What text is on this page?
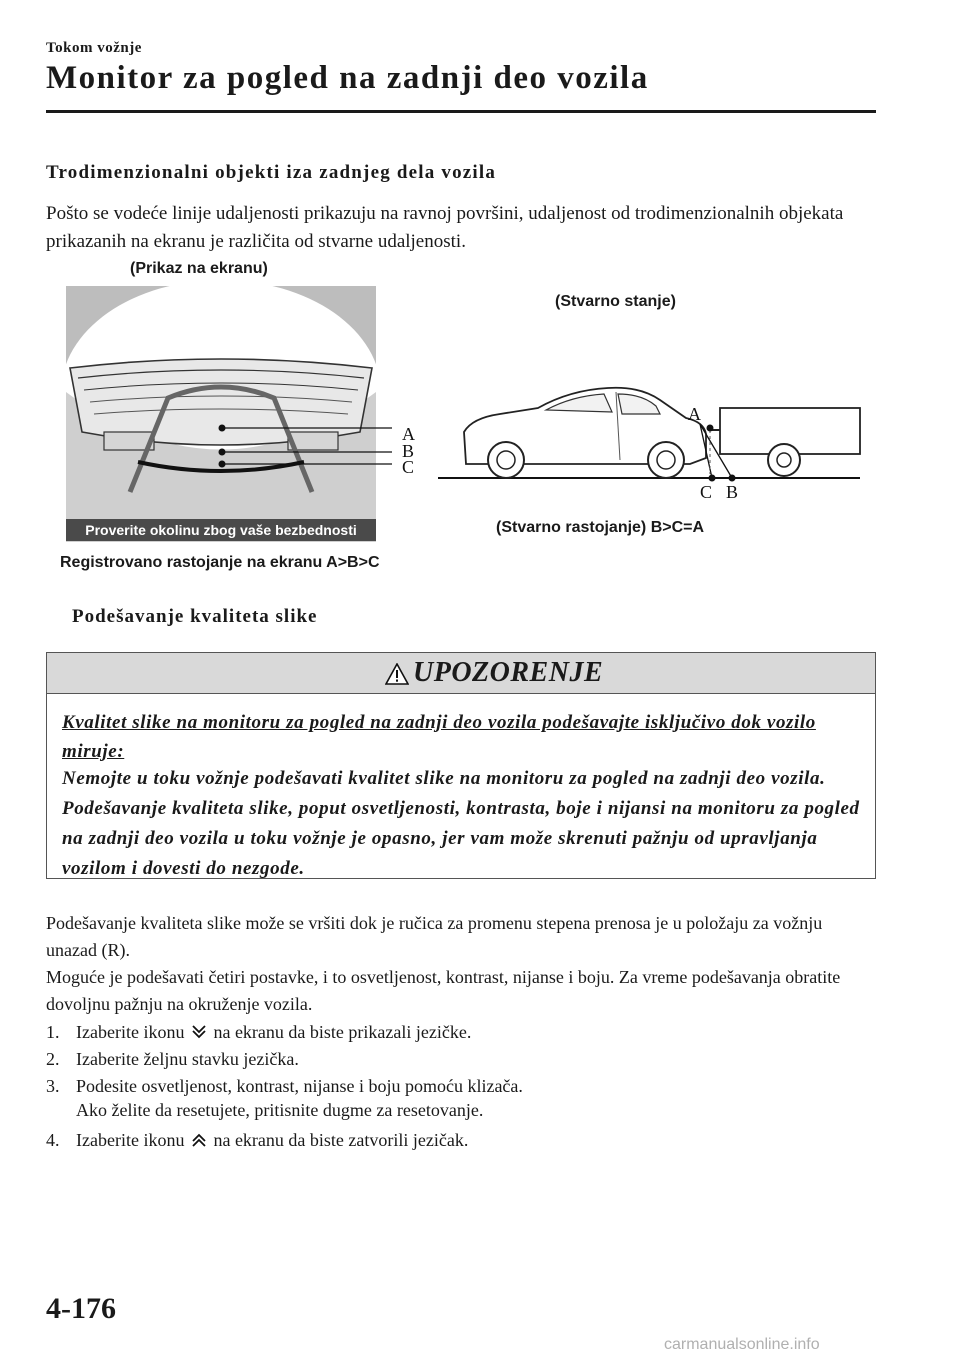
Tokom vožnje
Monitor za pogled na zadnji deo vozila
Trodimenzionalni objekti iza zadnjeg dela vozila
Pošto se vodeće linije udaljenosti prikazuju na ravnoj površini, udaljenost od trodimenzionalnih objekata prikazanih na ekranu je različita od stvarne udaljenosti.
(Prikaz na ekranu)
(Stvarno stanje)
A
B
C
Proverite okolinu zbog vaše bezbednosti
A
C B
(Stvarno rastojanje) B>C=A
Registrovano rastojanje na ekranu A>B>C
Podešavanje kvaliteta slike
UPOZORENJE
Kvalitet slike na monitoru za pogled na zadnji deo vozila podešavajte isključivo dok vozilo miruje:
Nemojte u toku vožnje podešavati kvalitet slike na monitoru za pogled na zadnji deo vozila. Podešavanje kvaliteta slike, poput osvetljenosti, kontrasta, boje i nijansi na monitoru za pogled na zadnji deo vozila u toku vožnje je opasno, jer vam može skrenuti pažnju od upravljanja vozilom i dovesti do nezgode.
Podešavanje kvaliteta slike može se vršiti dok je ručica za promenu stepena prenosa je u položaju za vožnju unazad (R).
Moguće je podešavati četiri postavke, i to osvetljenost, kontrast, nijanse i boju. Za vreme podešavanja obratite dovoljnu pažnju na okruženje vozila.
1. Izaberite ikonu na ekranu da biste prikazali jezičke.
2. Izaberite željnu stavku jezička.
3. Podesite osvetljenost, kontrast, nijanse i boju pomoću klizača.
Ako želite da resetujete, pritisnite dugme za resetovanje.
4. Izaberite ikonu na ekranu da biste zatvorili jezičak.
4-176
carmanualsonline.info
